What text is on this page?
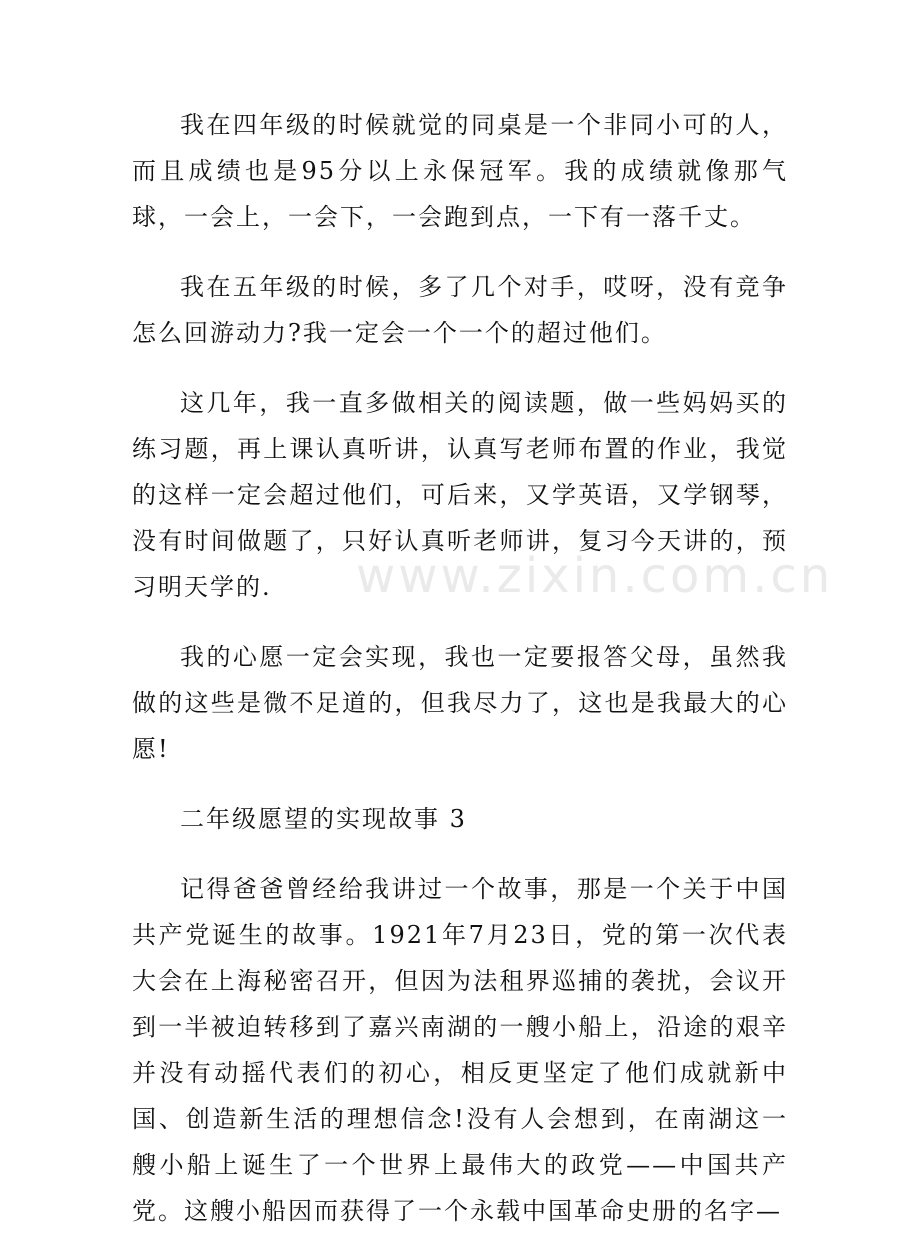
我在四年级的时候就觉的同桌是一个非同小可的人，而且成绩也是95分以上永保冠军。我的成绩就像那气球，一会上，一会下，一会跑到点，一下有一落千丈。

我在五年级的时候，多了几个对手，哎呀，没有竞争怎么回游动力?我一定会一个一个的超过他们。

这几年，我一直多做相关的阅读题，做一些妈妈买的练习题，再上课认真听讲，认真写老师布置的作业，我觉的这样一定会超过他们，可后来，又学英语，又学钢琴，没有时间做题了，只好认真听老师讲，复习今天讲的，预习明天学的.

我的心愿一定会实现，我也一定要报答父母，虽然我做的这些是微不足道的，但我尽力了，这也是我最大的心愿!

二年级愿望的实现故事 3

记得爸爸曾经给我讲过一个故事，那是一个关于中国共产党诞生的故事。1921年7月23日，党的第一次代表大会在上海秘密召开，但因为法租界巡捕的袭扰，会议开到一半被迫转移到了嘉兴南湖的一艘小船上，沿途的艰辛并没有动摇代表们的初心，相反更坚定了他们成就新中国、创造新生活的理想信念!没有人会想到，在南湖这一艘小船上诞生了一个世界上最伟大的政党——中国共产党。这艘小船因而获得了一个永载中国革命史册的名字—

www.zixin.com.cn
